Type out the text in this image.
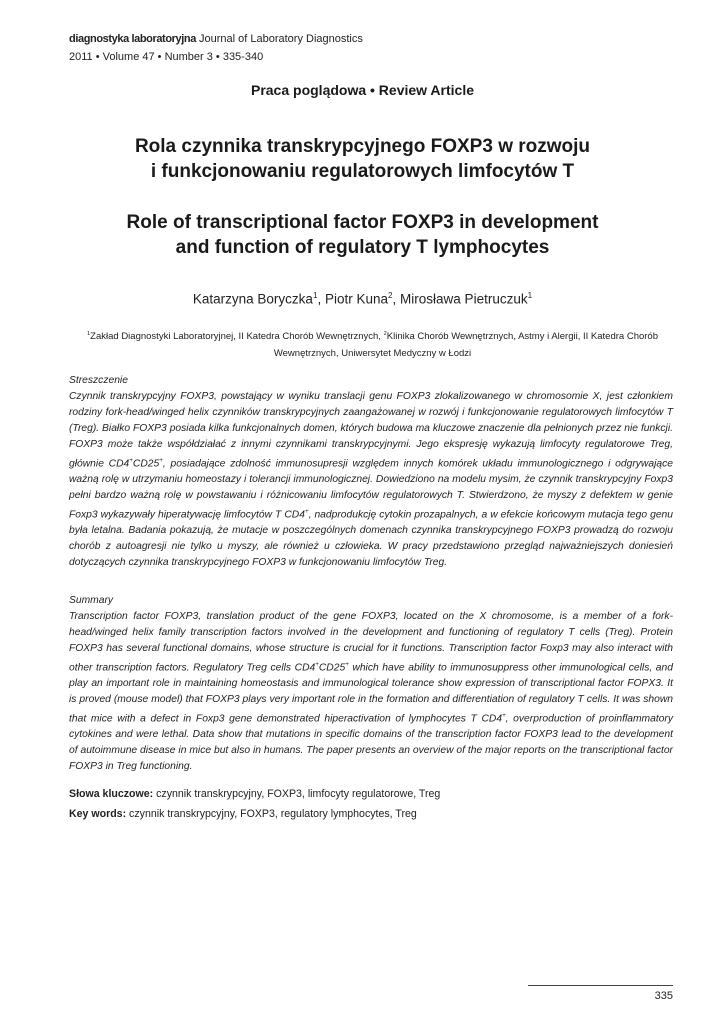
diagnostyka laboratoryjna Journal of Laboratory Diagnostics
2011 • Volume 47 • Number 3 • 335-340
Praca poglądowa • Review Article
Rola czynnika transkrypcyjnego FOXP3 w rozwoju
i funkcjonowaniu regulatorowych limfocytów T
Role of transcriptional factor FOXP3 in development
and function of regulatory T lymphocytes
Katarzyna Boryczka$^1$, Piotr Kuna$^2$, Mirosława Pietruczuk$^1$
$^1$Zakład Diagnostyki Laboratoryjnej, II Katedra Chorób Wewnętrznych, $^2$Klinika Chorób Wewnętrznych, Astmy i Alergii, II Katedra Chorób Wewnętrznych, Uniwersytet Medyczny w Łodzi
Streszczenie
Czynnik transkrypcyjny FOXP3, powstający w wyniku translacji genu FOXP3 zlokalizowanego w chromosomie X, jest członkiem rodziny fork-head/winged helix czynników transkrypcyjnych zaangażowanej w rozwój i funkcjonowanie regulatorowych limfocytów T (Treg). Białko FOXP3 posiada kilka funkcjonalnych domen, których budowa ma kluczowe znaczenie dla pełnionych przez nie funkcji. FOXP3 może także współdziałać z innymi czynnikami transkrypcyjnymi. Jego ekspresję wykazują limfocyty regulatorowe Treg, głównie CD4+CD25+, posiadające zdolność immunosupresji względem innych komórek układu immunologicznego i odgrywające ważną rolę w utrzymaniu homeostazy i tolerancji immunologicznej. Dowiedziono na modelu mysim, że czynnik transkrypcyjny Foxp3 pełni bardzo ważną rolę w powstawaniu i różnicowaniu limfocytów regulatorowych T. Stwierdzono, że myszy z defektem w genie Foxp3 wykazywały hiperatywację limfocytów T CD4+, nadprodukcję cytokin prozapalnych, a w efekcie końcowym mutacja tego genu była letalna. Badania pokazują, że mutacje w poszczególnych domenach czynnika transkrypcyjnego FOXP3 prowadzą do rozwoju chorób z autoagresji nie tylko u myszy, ale również u człowieka. W pracy przedstawiono przegląd najważniejszych doniesień dotyczących czynnika transkrypcyjnego FOXP3 w funkcjonowaniu limfocytów Treg.
Summary
Transcription factor FOXP3, translation product of the gene FOXP3, located on the X chromosome, is a member of a fork-head/winged helix family transcription factors involved in the development and functioning of regulatory T cells (Treg). Protein FOXP3 has several functional domains, whose structure is crucial for it functions. Transcription factor Foxp3 may also interact with other transcription factors. Regulatory Treg cells CD4+CD25+ which have ability to immunosuppress other immunological cells, and play an important role in maintaining homeostasis and immunological tolerance show expression of transcriptional factor FOPX3. It is proved (mouse model) that FOXP3 plays very important role in the formation and differentiation of regulatory T cells. It was shown that mice with a defect in Foxp3 gene demonstrated hiperactivation of lymphocytes T CD4+, overproduction of proinflammatory cytokines and were lethal. Data show that mutations in specific domains of the transcription factor FOXP3 lead to the development of autoimmune disease in mice but also in humans. The paper presents an overview of the major reports on the transcriptional factor FOXP3 in Treg functioning.
Słowa kluczowe: czynnik transkrypcyjny, FOXP3, limfocyty regulatorowe, Treg
Key words: czynnik transkrypcyjny, FOXP3, regulatory lymphocytes, Treg
335
